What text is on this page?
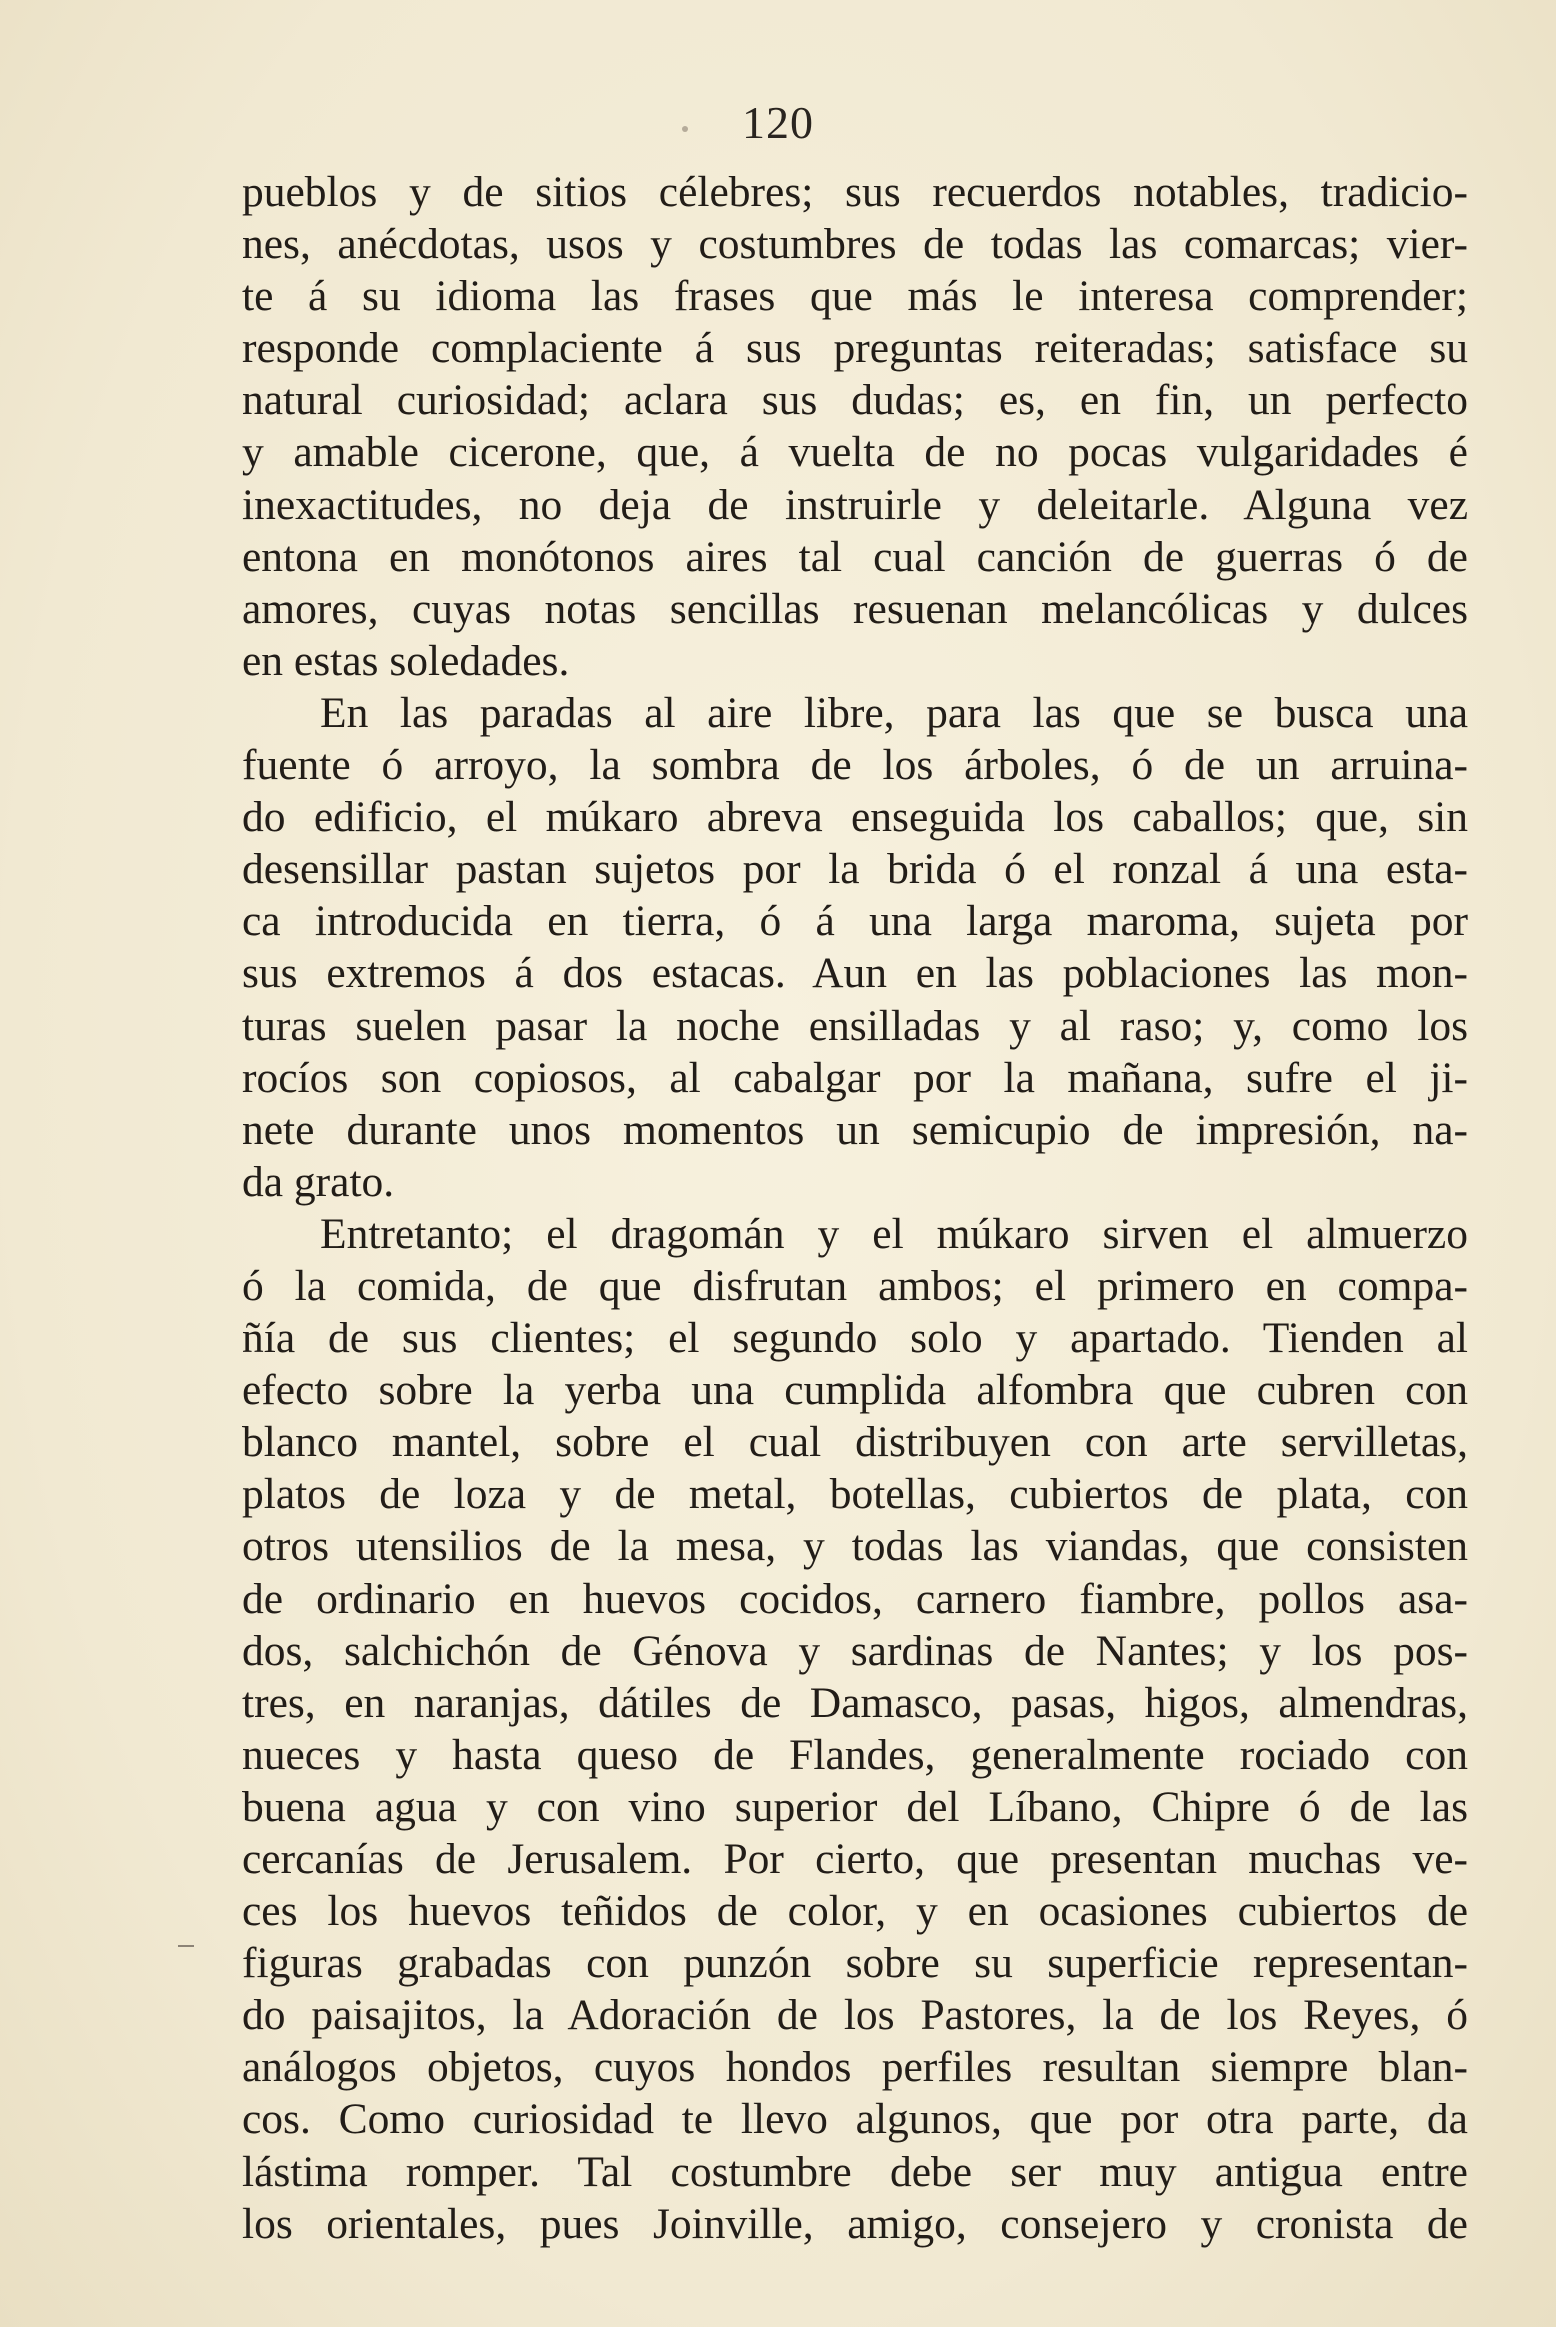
120
pueblos y de sitios célebres; sus recuerdos notables, tradicio-
nes, anécdotas, usos y costumbres de todas las comarcas; vier-
te á su idioma las frases que más le interesa comprender;
responde complaciente á sus preguntas reiteradas; satisface su
natural curiosidad; aclara sus dudas; es, en fin, un perfecto
y amable cicerone, que, á vuelta de no pocas vulgaridades é
inexactitudes, no deja de instruirle y deleitarle. Alguna vez
entona en monótonos aires tal cual canción de guerras ó de
amores, cuyas notas sencillas resuenan melancólicas y dulces
en estas soledades.
En las paradas al aire libre, para las que se busca una
fuente ó arroyo, la sombra de los árboles, ó de un arruina-
do edificio, el múkaro abreva enseguida los caballos; que, sin
desensillar pastan sujetos por la brida ó el ronzal á una esta-
ca introducida en tierra, ó á una larga maroma, sujeta por
sus extremos á dos estacas. Aun en las poblaciones las mon-
turas suelen pasar la noche ensilladas y al raso; y, como los
rocíos son copiosos, al cabalgar por la mañana, sufre el ji-
nete durante unos momentos un semicupio de impresión, na-
da grato.
Entretanto; el dragomán y el múkaro sirven el almuerzo
ó la comida, de que disfrutan ambos; el primero en compa-
ñía de sus clientes; el segundo solo y apartado. Tienden al
efecto sobre la yerba una cumplida alfombra que cubren con
blanco mantel, sobre el cual distribuyen con arte servilletas,
platos de loza y de metal, botellas, cubiertos de plata, con
otros utensilios de la mesa, y todas las viandas, que consisten
de ordinario en huevos cocidos, carnero fiambre, pollos asa-
dos, salchichón de Génova y sardinas de Nantes; y los pos-
tres, en naranjas, dátiles de Damasco, pasas, higos, almendras,
nueces y hasta queso de Flandes, generalmente rociado con
buena agua y con vino superior del Líbano, Chipre ó de las
cercanías de Jerusalem. Por cierto, que presentan muchas ve-
ces los huevos teñidos de color, y en ocasiones cubiertos de
figuras grabadas con punzón sobre su superficie representan-
do paisajitos, la Adoración de los Pastores, la de los Reyes, ó
análogos objetos, cuyos hondos perfiles resultan siempre blan-
cos. Como curiosidad te llevo algunos, que por otra parte, da
lástima romper. Tal costumbre debe ser muy antigua entre
los orientales, pues Joinville, amigo, consejero y cronista de
